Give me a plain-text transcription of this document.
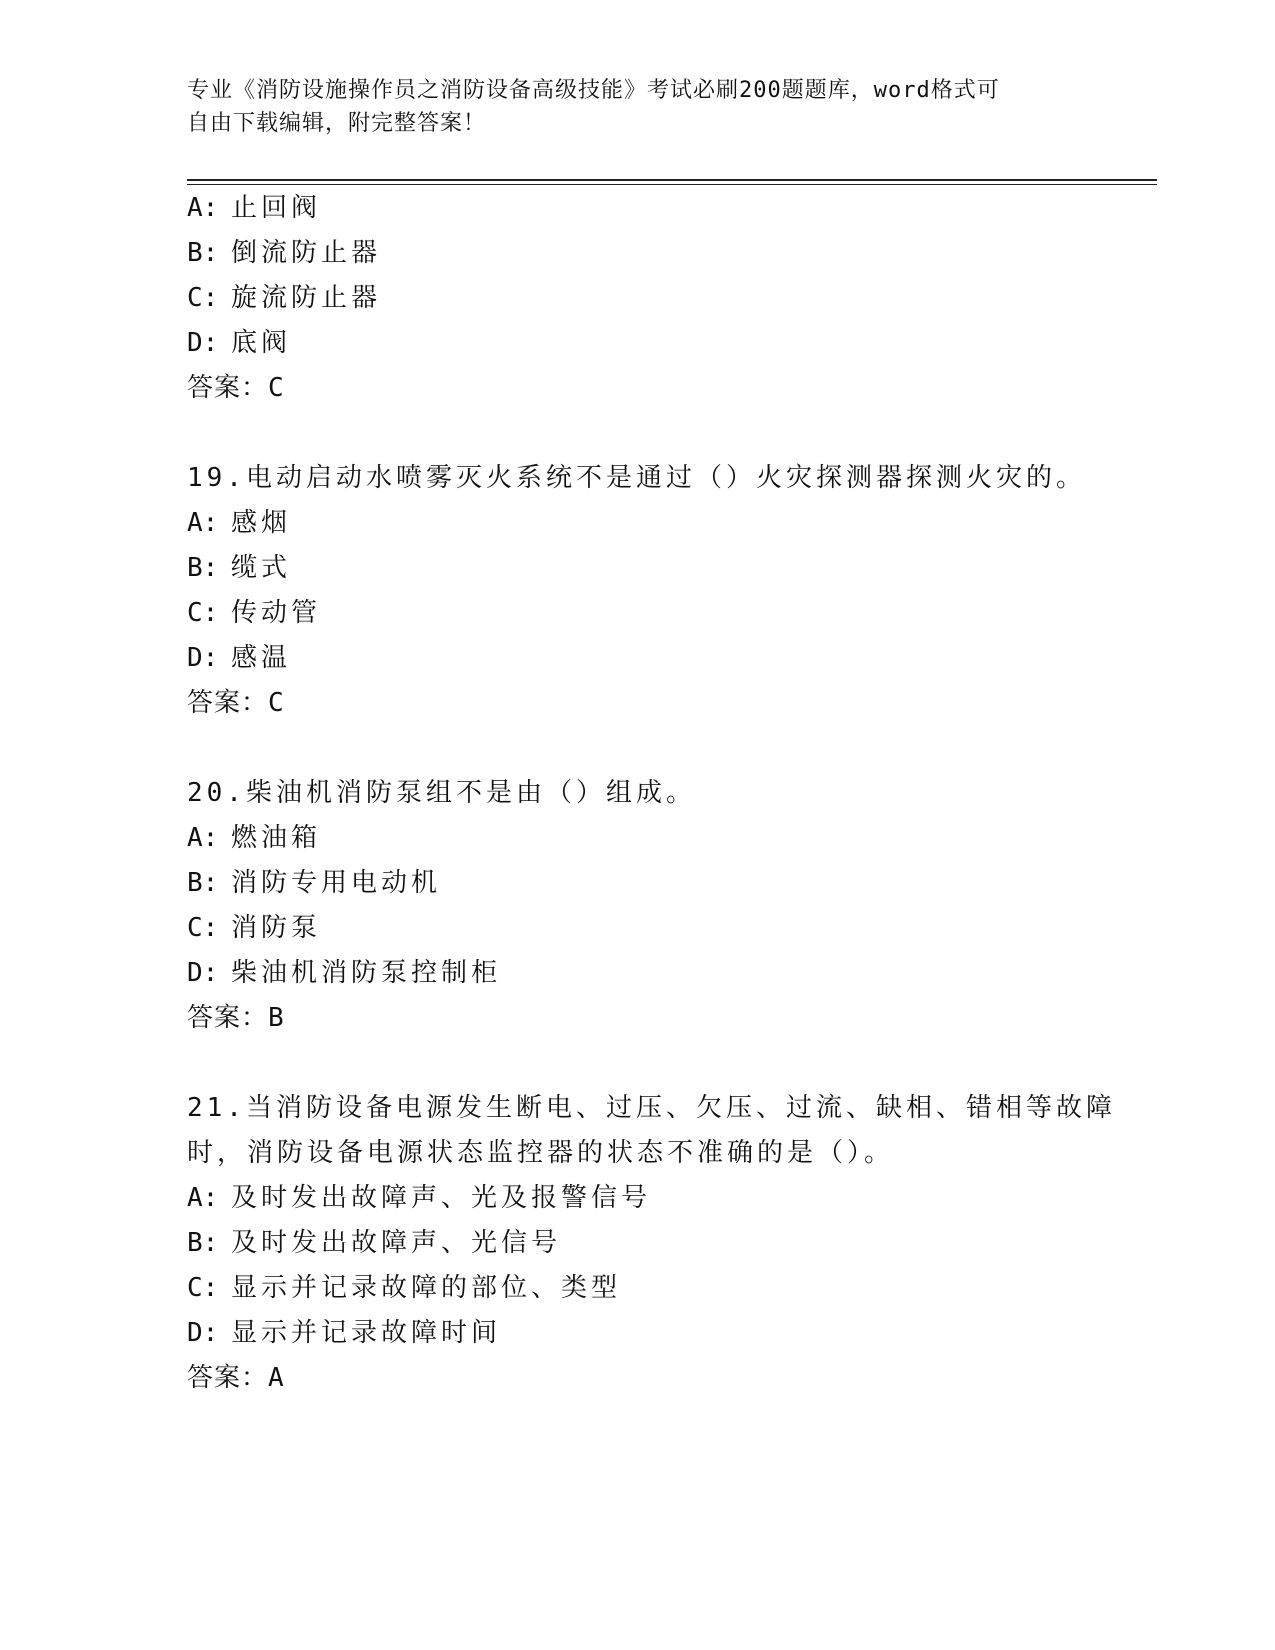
专业《消防设施操作员之消防设备高级技能》考试必刷200题题库，word格式可
自由下载编辑，附完整答案！
A: 止回阀
B: 倒流防止器
C: 旋流防止器
D: 底阀
答案：C
19.电动启动水喷雾灭火系统不是通过（）火灾探测器探测火灾的。
A: 感烟
B: 缆式
C: 传动管
D: 感温
答案：C
20.柴油机消防泵组不是由（）组成。
A: 燃油箱
B: 消防专用电动机
C: 消防泵
D: 柴油机消防泵控制柜
答案：B
21.当消防设备电源发生断电、过压、欠压、过流、缺相、错相等故障
时，消防设备电源状态监控器的状态不准确的是（）。
A: 及时发出故障声、光及报警信号
B: 及时发出故障声、光信号
C: 显示并记录故障的部位、类型
D: 显示并记录故障时间
答案：A
